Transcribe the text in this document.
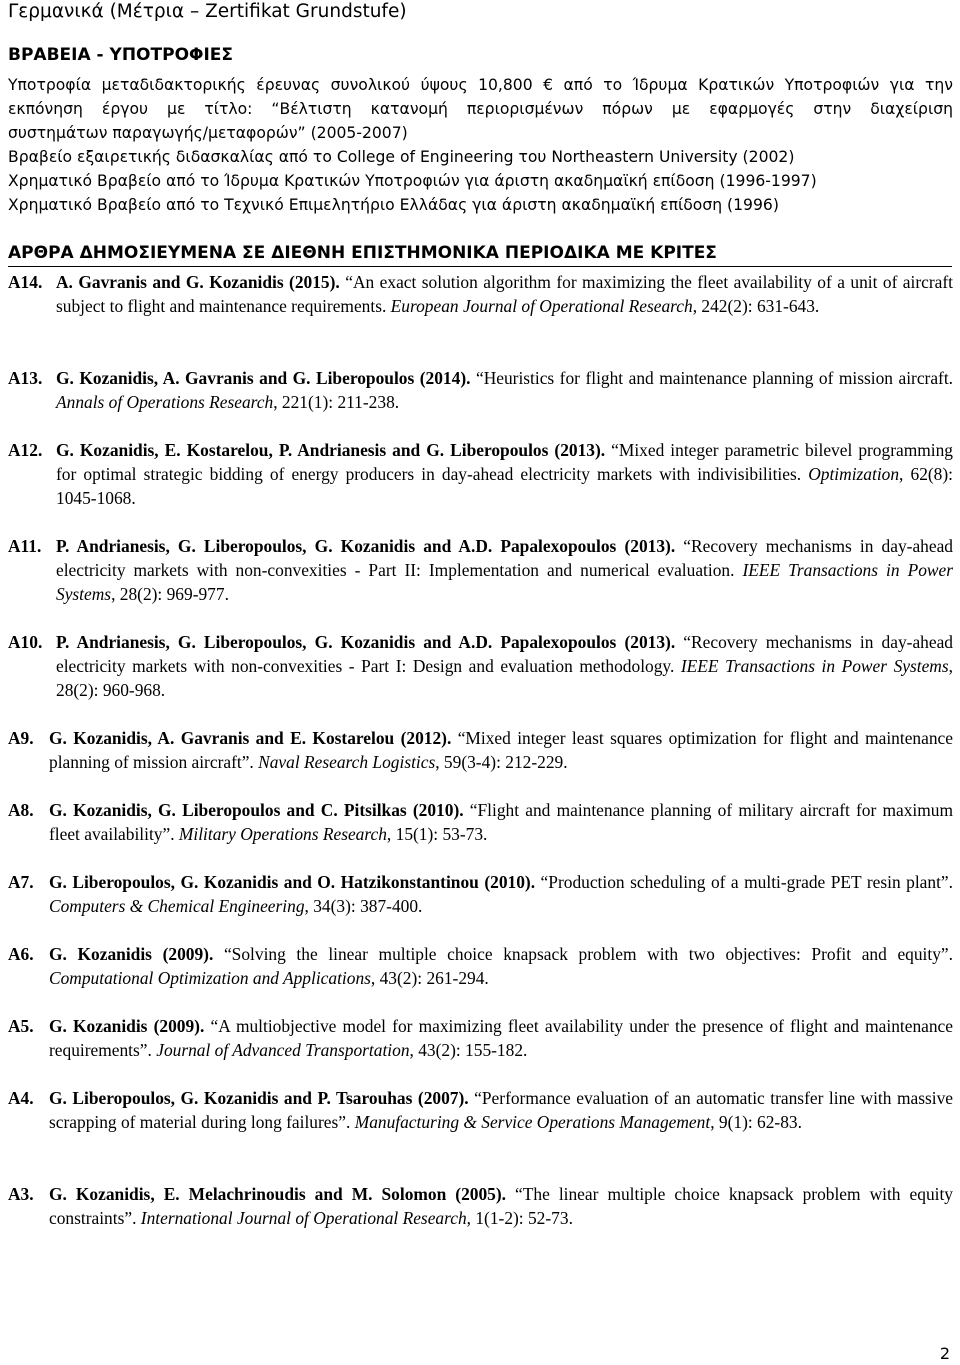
Γερμανικά (Μέτρια – Zertifikat Grundstufe)
ΒΡΑΒΕΙΑ - ΥΠΟΤΡΟΦΙΕΣ
Υποτροφία μεταδιδακτορικής έρευνας συνολικού ύψους 10,800 € από το Ίδρυμα Κρατικών Υποτροφιών για την
εκπόνηση έργου με τίτλο: “Βέλτιστη κατανομή περιορισμένων πόρων με εφαρμογές στην διαχείριση
συστημάτων παραγωγής/μεταφορών” (2005-2007)
Βραβείο εξαιρετικής διδασκαλίας από το College of Engineering του Northeastern University (2002)
Χρηματικό Βραβείο από το Ίδρυμα Κρατικών Υποτροφιών για άριστη ακαδημαϊκή επίδοση (1996-1997)
Χρηματικό Βραβείο από το Τεχνικό Επιμελητήριο Ελλάδας για άριστη ακαδημαϊκή επίδοση (1996)
ΑΡΘΡΑ ΔΗΜΟΣΙΕΥΜΕΝΑ ΣΕ ΔΙΕΘΝΗ ΕΠΙΣΤΗΜΟΝΙΚΑ ΠΕΡΙΟΔΙΚΑ ΜΕ ΚΡΙΤΕΣ
A14. A. Gavranis and G. Kozanidis (2015). “An exact solution algorithm for maximizing the fleet availability of a unit of aircraft subject to flight and maintenance requirements. European Journal of Operational Research, 242(2): 631-643.
A13. G. Kozanidis, A. Gavranis and G. Liberopoulos (2014). “Heuristics for flight and maintenance planning of mission aircraft. Annals of Operations Research, 221(1): 211-238.
A12. G. Kozanidis, E. Kostarelou, P. Andrianesis and G. Liberopoulos (2013). “Mixed integer parametric bilevel programming for optimal strategic bidding of energy producers in day-ahead electricity markets with indivisibilities. Optimization, 62(8): 1045-1068.
A11. P. Andrianesis, G. Liberopoulos, G. Kozanidis and A.D. Papalexopoulos (2013). “Recovery mechanisms in day-ahead electricity markets with non-convexities - Part II: Implementation and numerical evaluation. IEEE Transactions in Power Systems, 28(2): 969-977.
A10. P. Andrianesis, G. Liberopoulos, G. Kozanidis and A.D. Papalexopoulos (2013). “Recovery mechanisms in day-ahead electricity markets with non-convexities - Part I: Design and evaluation methodology. IEEE Transactions in Power Systems, 28(2): 960-968.
A9. G. Kozanidis, A. Gavranis and E. Kostarelou (2012). “Mixed integer least squares optimization for flight and maintenance planning of mission aircraft”. Naval Research Logistics, 59(3-4): 212-229.
A8. G. Kozanidis, G. Liberopoulos and C. Pitsilkas (2010). “Flight and maintenance planning of military aircraft for maximum fleet availability”. Military Operations Research, 15(1): 53-73.
A7. G. Liberopoulos, G. Kozanidis and O. Hatzikonstantinou (2010). “Production scheduling of a multi-grade PET resin plant”. Computers & Chemical Engineering, 34(3): 387-400.
A6. G. Kozanidis (2009). “Solving the linear multiple choice knapsack problem with two objectives: Profit and equity”. Computational Optimization and Applications, 43(2): 261-294.
A5. G. Kozanidis (2009). “A multiobjective model for maximizing fleet availability under the presence of flight and maintenance requirements”. Journal of Advanced Transportation, 43(2): 155-182.
A4. G. Liberopoulos, G. Kozanidis and P. Tsarouhas (2007). “Performance evaluation of an automatic transfer line with massive scrapping of material during long failures”. Manufacturing & Service Operations Management, 9(1): 62-83.
A3. G. Kozanidis, E. Melachrinoudis and M. Solomon (2005). “The linear multiple choice knapsack problem with equity constraints”. International Journal of Operational Research, 1(1-2): 52-73.
2
